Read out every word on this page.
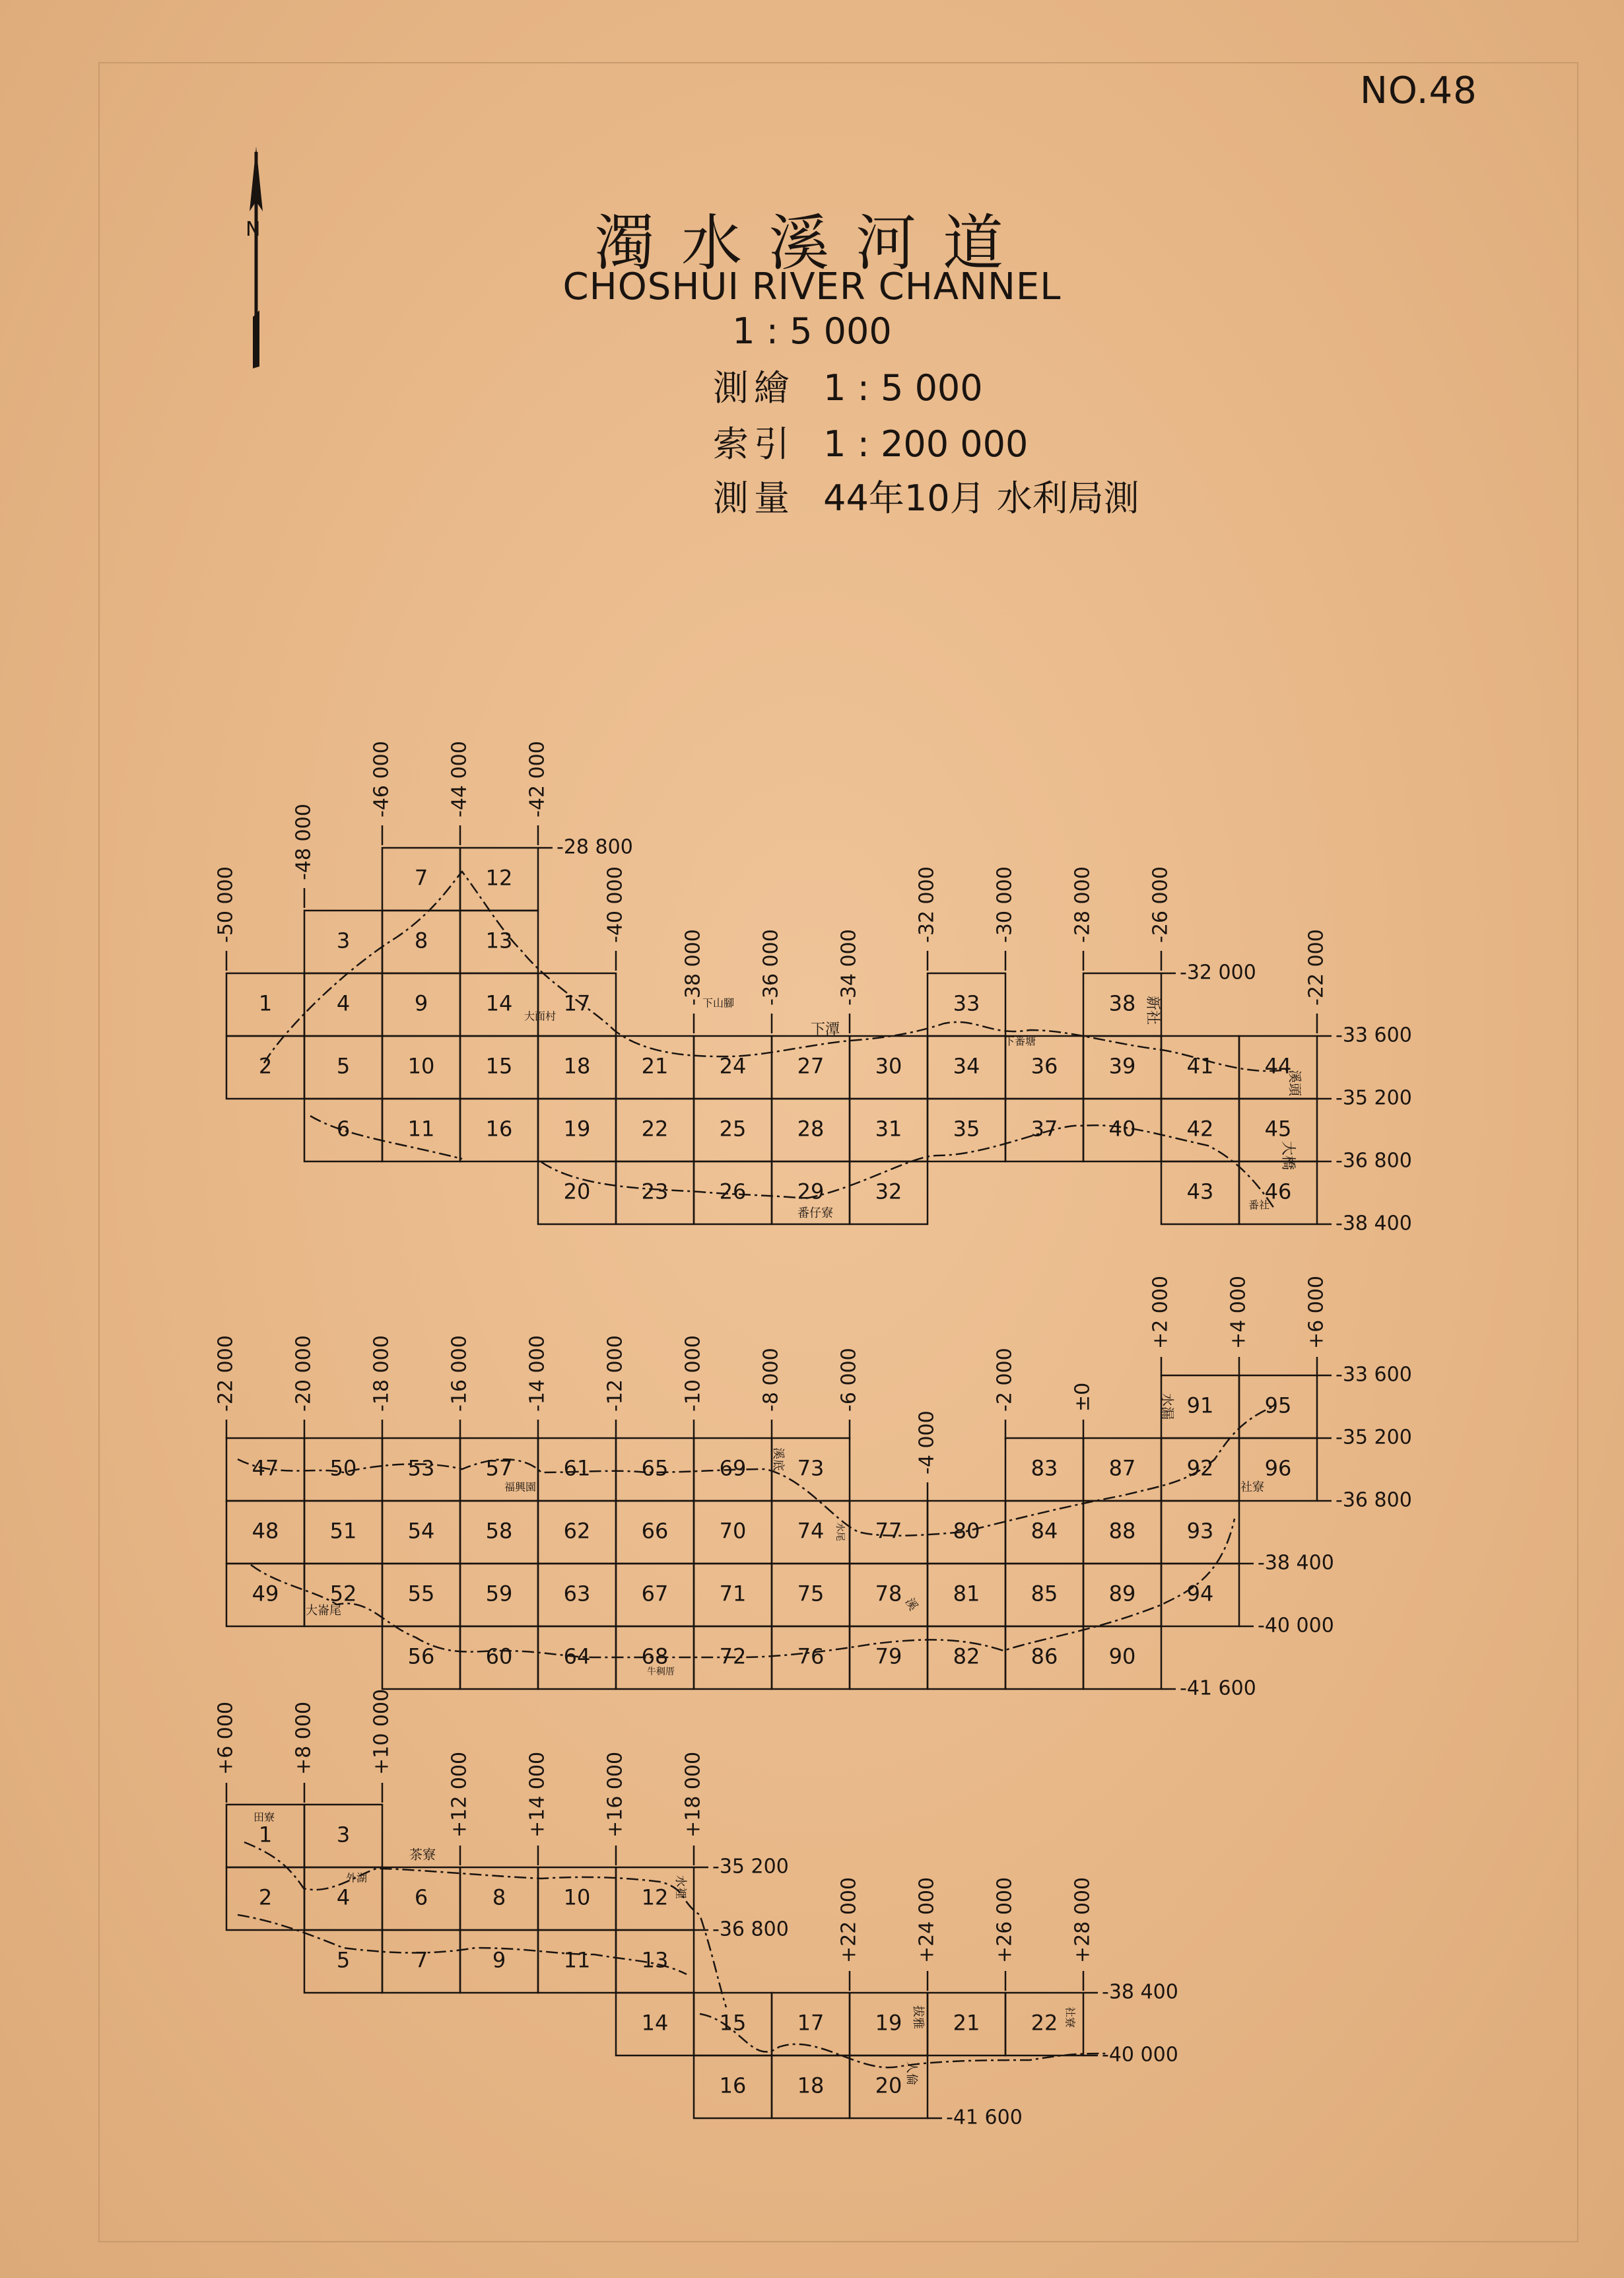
1
2
3
4
5
6
7
8
9
10
11
12
13
14
15
16
17
18
19
20
21
22
23
24
25
26
27
28
29
30
31
32
33
34
35
36
37
38
39
40
41
42
43
44
45
46
-50 000
-48 000
-46 000	-44 000	-42 000
-40 000
-38 000	-36 000	-34 000
-32 000	-30 000	-28 000	-26 000
-22 000
-28 800
-32 000
-33 600
-35 200
-36 800
-38 400
47
48
49
50
51
52
53
54
55
56
57
58
59
60
61
62
63
64
65
66
67
68
69
70
71
72
73
74
75
76
77
78
79
80
81
82
83
84
85
86
87
88
89
90
91
92
93
94
95
96
-22 000	-20 000	-18 000	-16 000	-14 000	-12 000	-10 000	-8 000	-6 000
-4 000
-2 000	±0
+2 000	+4 000	+6 000
-33 600
-35 200
-36 800
-38 400
-40 000
-41 600
1
2
3
4
5
6
7
8
9
10
11
12
13
14 15
16
17
18
19
20
21 22
+6 000	+8 000	+10 000
+12 000	+14 000	+16 000	+18 000
+22 000	+24 000	+26 000	+28 000
-35 200
-36 800
-38 400
-40 000
-41 600
大面村
下山腳
下潭
下番塘
新社
溪頭
大橋
番仔寮
番社
大崙尾
福興園
牛稠厝
溪底
水尾
水漏
社寮
溪
田寮
茶寮
外湖	水裡
拔雅
人倫
社寮
NO.48
N	濁水溪河道
CHOSHUI RIVER CHANNEL
1 : 5 000
測繪 1 : 5 000
索引 1 : 200 000
測量 44年10月 水利局測
